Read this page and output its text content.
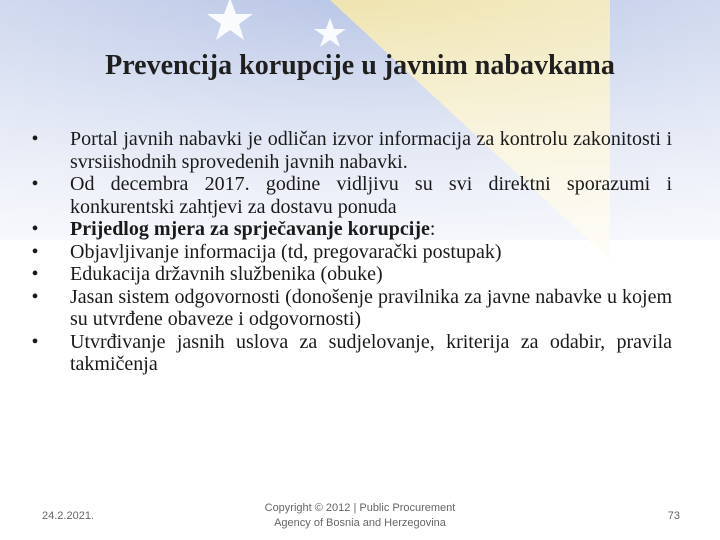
Prevencija korupcije u javnim nabavkama
• Portal javnih nabavki je odličan izvor informacija za kontrolu zakonitosti i svrsiishodnih sprovedenih javnih nabavki.
• Od decembra 2017. godine vidljivu su svi direktni sporazumi i konkurentski zahtjevi za dostavu ponuda
• Prijedlog mjera za sprječavanje korupcije:
• Objavljivanje informacija (td, pregovarački postupak)
• Edukacija državnih službenika (obuke)
• Jasan sistem odgovornosti (donošenje pravilnika za javne nabavke u kojem su utvrđene obaveze i odgovornosti)
• Utvrđivanje jasnih uslova za sudjelovanje, kriterija za odabir, pravila takmičenja
24.2.2021.
Copyright © 2012 | Public Procurement
Agency of Bosnia and Herzegovina
73
